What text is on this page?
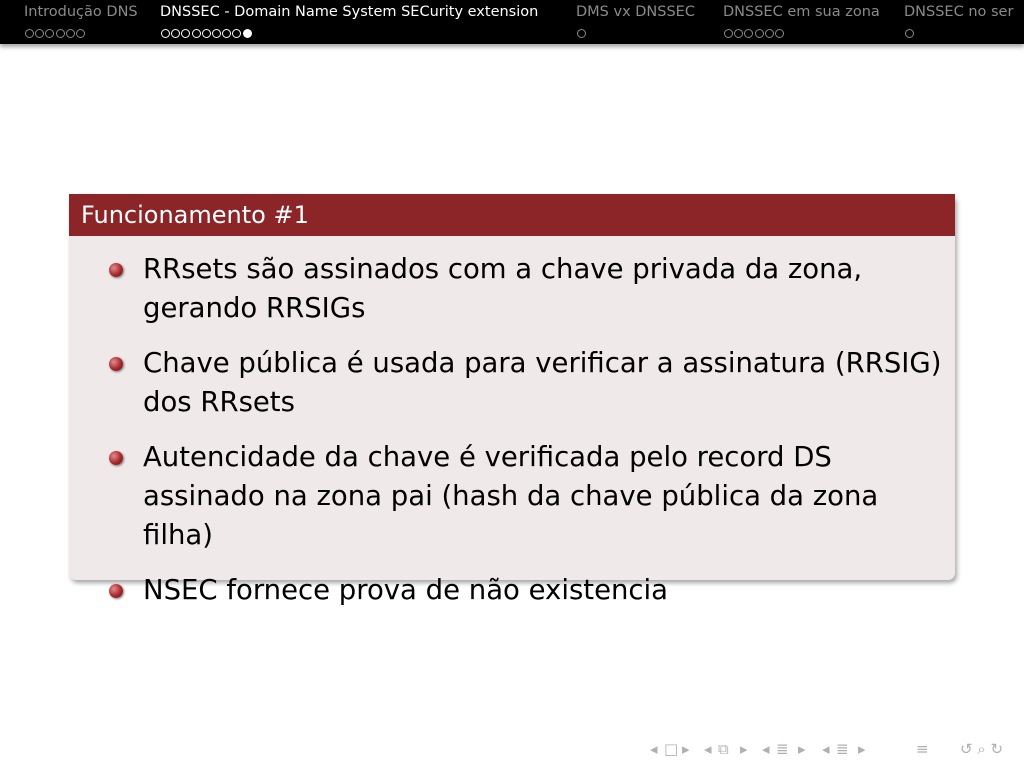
Introdução DNS DNSSEC - Domain Name System SECurity extension	DMS vx DNSSEC DNSSEC em sua zona DNSSEC no ser
Funcionamento #1
RRsets são assinados com a chave privada da zona, gerando RRSIGs
Chave pública é usada para verificar a assinatura (RRSIG) dos RRsets
Autencidade da chave é verificada pelo record DS assinado na zona pai (hash da chave pública da zona filha)
NSEC fornece prova de não existencia
◂ □ ▸ ◂ ⧉ ▸ ◂ ≣ ▸ ◂ ≣ ▸	≡ ↺ ⌕ ↻
